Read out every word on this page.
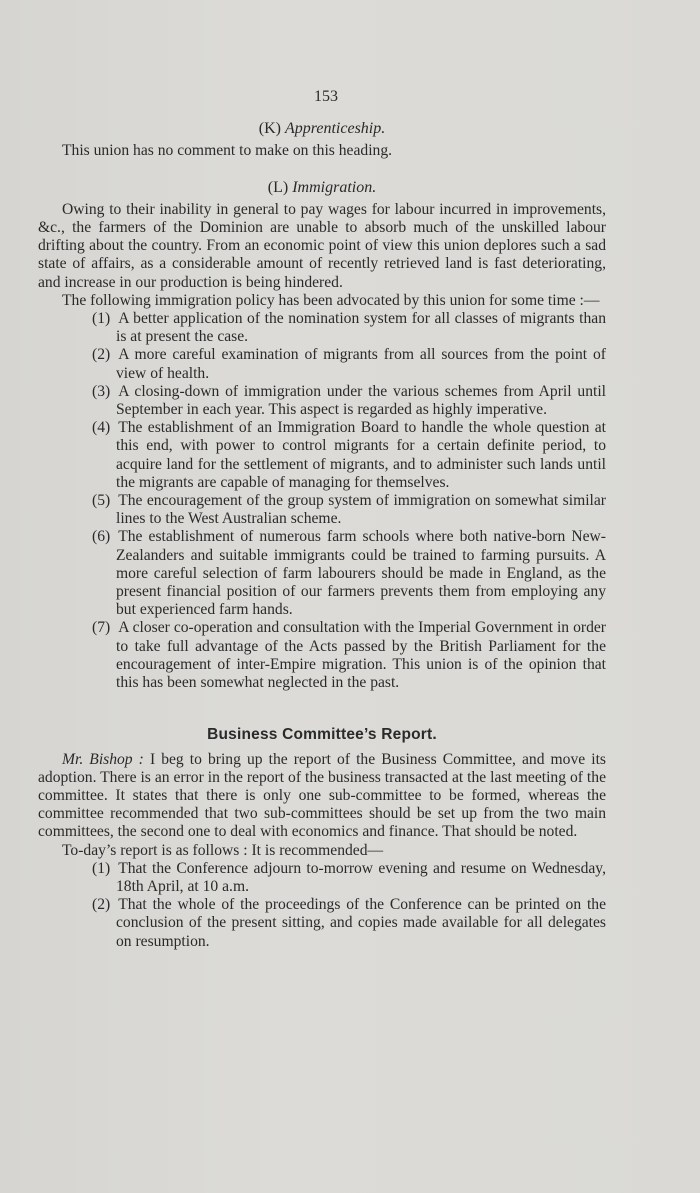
153
(K) Apprenticeship.

This union has no comment to make on this heading.

(L) Immigration.

Owing to their inability in general to pay wages for labour incurred in improvements, &c., the farmers of the Dominion are unable to absorb much of the unskilled labour drifting about the country. From an economic point of view this union deplores such a sad state of affairs, as a considerable amount of recently retrieved land is fast deteriorating, and increase in our production is being hindered.

The following immigration policy has been advocated by this union for some time :—

(1) A better application of the nomination system for all classes of migrants than is at present the case.
(2) A more careful examination of migrants from all sources from the point of view of health.
(3) A closing-down of immigration under the various schemes from April until September in each year. This aspect is regarded as highly imperative.
(4) The establishment of an Immigration Board to handle the whole question at this end, with power to control migrants for a certain definite period, to acquire land for the settlement of migrants, and to administer such lands until the migrants are capable of managing for themselves.
(5) The encouragement of the group system of immigration on somewhat similar lines to the West Australian scheme.
(6) The establishment of numerous farm schools where both native-born New-Zealanders and suitable immigrants could be trained to farming pursuits. A more careful selection of farm labourers should be made in England, as the present financial position of our farmers prevents them from employing any but experienced farm hands.
(7) A closer co-operation and consultation with the Imperial Government in order to take full advantage of the Acts passed by the British Parliament for the encouragement of inter-Empire migration. This union is of the opinion that this has been somewhat neglected in the past.
Business Committee’s Report.

Mr. Bishop : I beg to bring up the report of the Business Committee, and move its adoption. There is an error in the report of the business transacted at the last meeting of the committee. It states that there is only one sub-committee to be formed, whereas the committee recommended that two sub-committees should be set up from the two main committees, the second one to deal with economics and finance. That should be noted.

To-day’s report is as follows : It is recommended—

(1) That the Conference adjourn to-morrow evening and resume on Wednesday, 18th April, at 10 a.m.
(2) That the whole of the proceedings of the Conference can be printed on the conclusion of the present sitting, and copies made available for all delegates on resumption.
